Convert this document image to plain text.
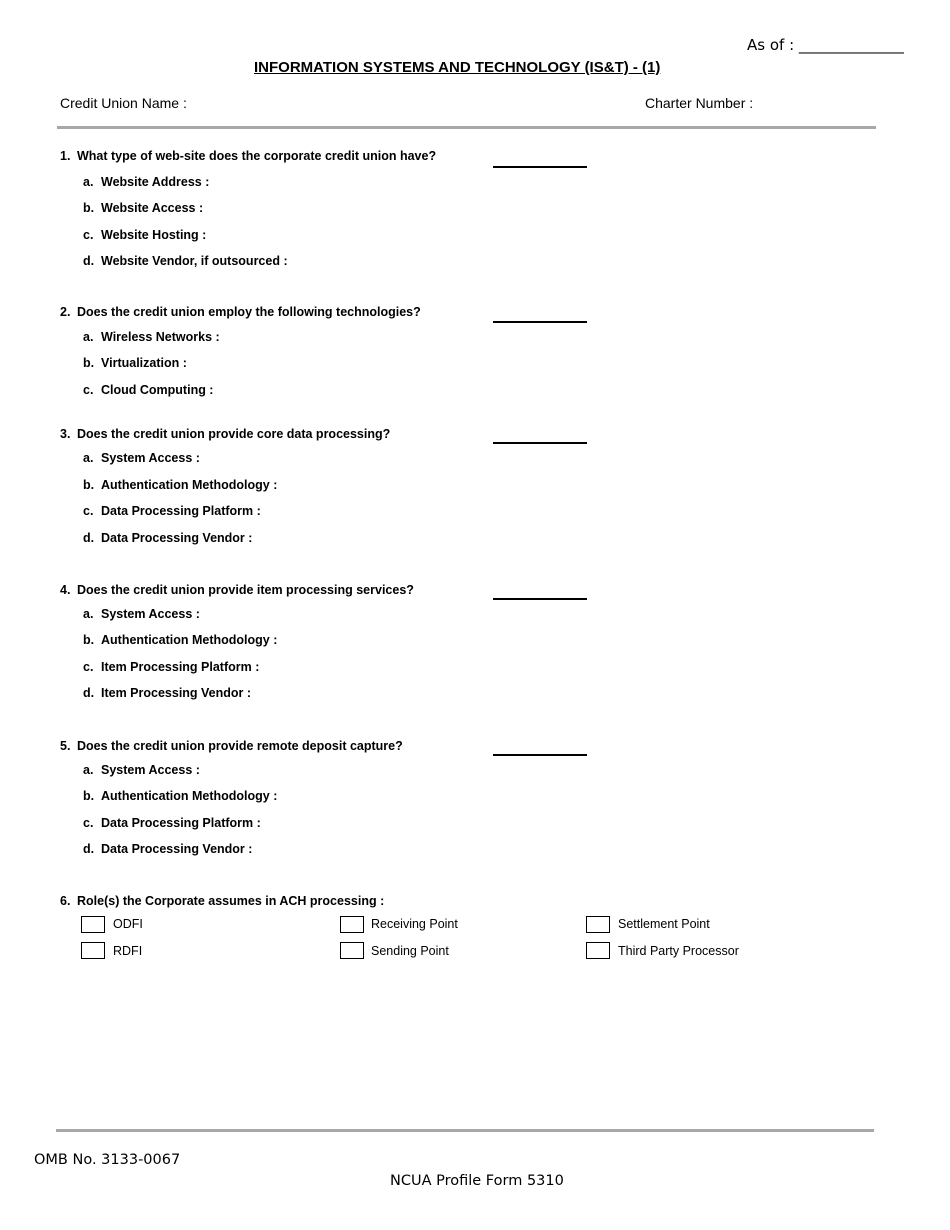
As of : ______________
INFORMATION SYSTEMS AND TECHNOLOGY (IS&T) - (1)
Credit Union Name :	Charter Number :
1. What type of web-site does the corporate credit union have?
a. Website Address :
b. Website Access :
c. Website Hosting :
d. Website Vendor, if outsourced :
2. Does the credit union employ the following technologies?
a. Wireless Networks :
b. Virtualization :
c. Cloud Computing :
3. Does the credit union provide core data processing?
a. System Access :
b. Authentication Methodology :
c. Data Processing Platform :
d. Data Processing Vendor :
4. Does the credit union provide item processing services?
a. System Access :
b. Authentication Methodology :
c. Item Processing Platform :
d. Item Processing Vendor :
5. Does the credit union provide remote deposit capture?
a. System Access :
b. Authentication Methodology :
c. Data Processing Platform :
d. Data Processing Vendor :
6. Role(s) the Corporate assumes in ACH processing :
ODFI	Receiving Point	Settlement Point
RDFI	Sending Point	Third Party Processor
OMB No. 3133-0067
NCUA Profile Form 5310
